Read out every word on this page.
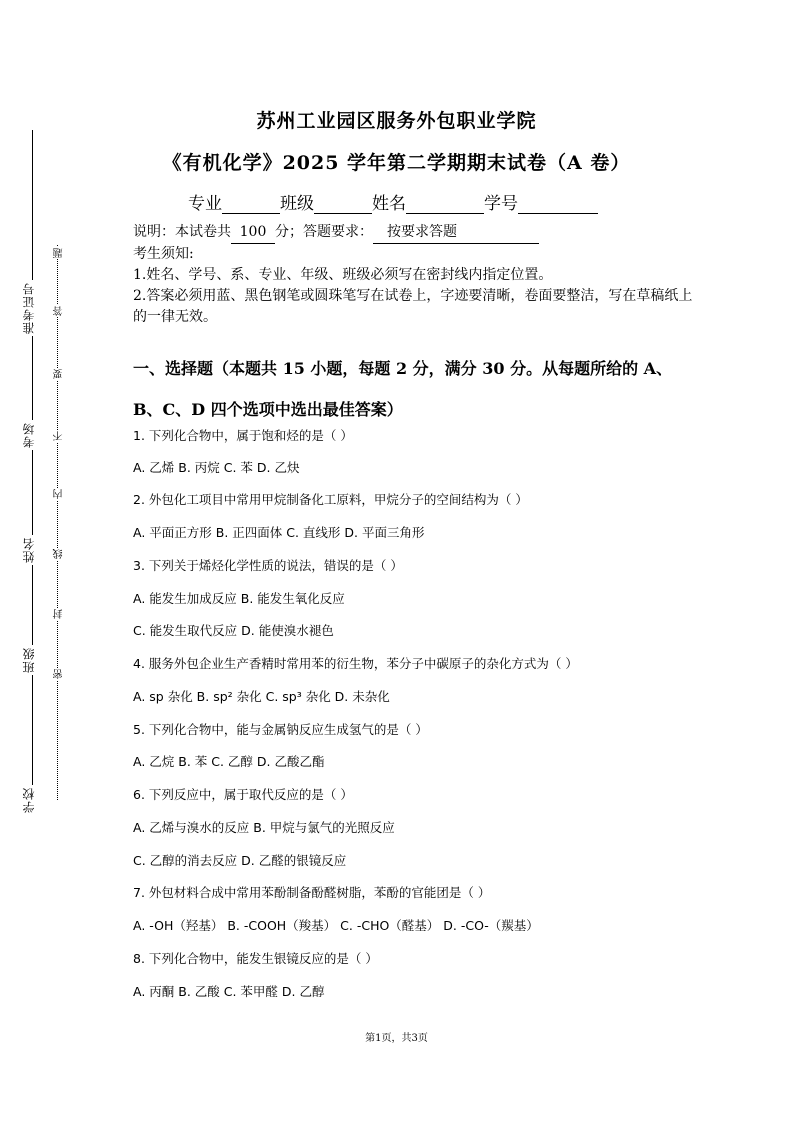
准考证号
考场
姓名
班级
学校
题
答
要
不
内
线
封
密
苏州工业园区服务外包职业学院
《有机化学》2025 学年第二学期期末试卷（A 卷）
专业	班级	姓名	学号
说明：本试卷共 100 分；答题要求： 按要求答题
考生须知:
1.姓名、学号、系、专业、年级、班级必须写在密封线内指定位置。
2.答案必须用蓝、黑色钢笔或圆珠笔写在试卷上，字迹要清晰，卷面要整洁，写在草稿纸上的一律无效。
一、选择题（本题共 15 小题，每题 2 分，满分 30 分。从每题所给的 A、B、C、D 四个选项中选出最佳答案）
1. 下列化合物中，属于饱和烃的是（ ）
A. 乙烯 B. 丙烷 C. 苯 D. 乙炔
2. 外包化工项目中常用甲烷制备化工原料，甲烷分子的空间结构为（ ）
A. 平面正方形 B. 正四面体 C. 直线形 D. 平面三角形
3. 下列关于烯烃化学性质的说法，错误的是（ ）
A. 能发生加成反应 B. 能发生氧化反应
C. 能发生取代反应 D. 能使溴水褪色
4. 服务外包企业生产香精时常用苯的衍生物，苯分子中碳原子的杂化方式为（ ）
A. sp 杂化 B. sp² 杂化 C. sp³ 杂化 D. 未杂化
5. 下列化合物中，能与金属钠反应生成氢气的是（ ）
A. 乙烷 B. 苯 C. 乙醇 D. 乙酸乙酯
6. 下列反应中，属于取代反应的是（ ）
A. 乙烯与溴水的反应 B. 甲烷与氯气的光照反应
C. 乙醇的消去反应 D. 乙醛的银镜反应
7. 外包材料合成中常用苯酚制备酚醛树脂，苯酚的官能团是（ ）
A. -OH（羟基） B. -COOH（羧基） C. -CHO（醛基） D. -CO-（羰基）
8. 下列化合物中，能发生银镜反应的是（ ）
A. 丙酮 B. 乙酸 C. 苯甲醛 D. 乙醇
第1页，共3页
